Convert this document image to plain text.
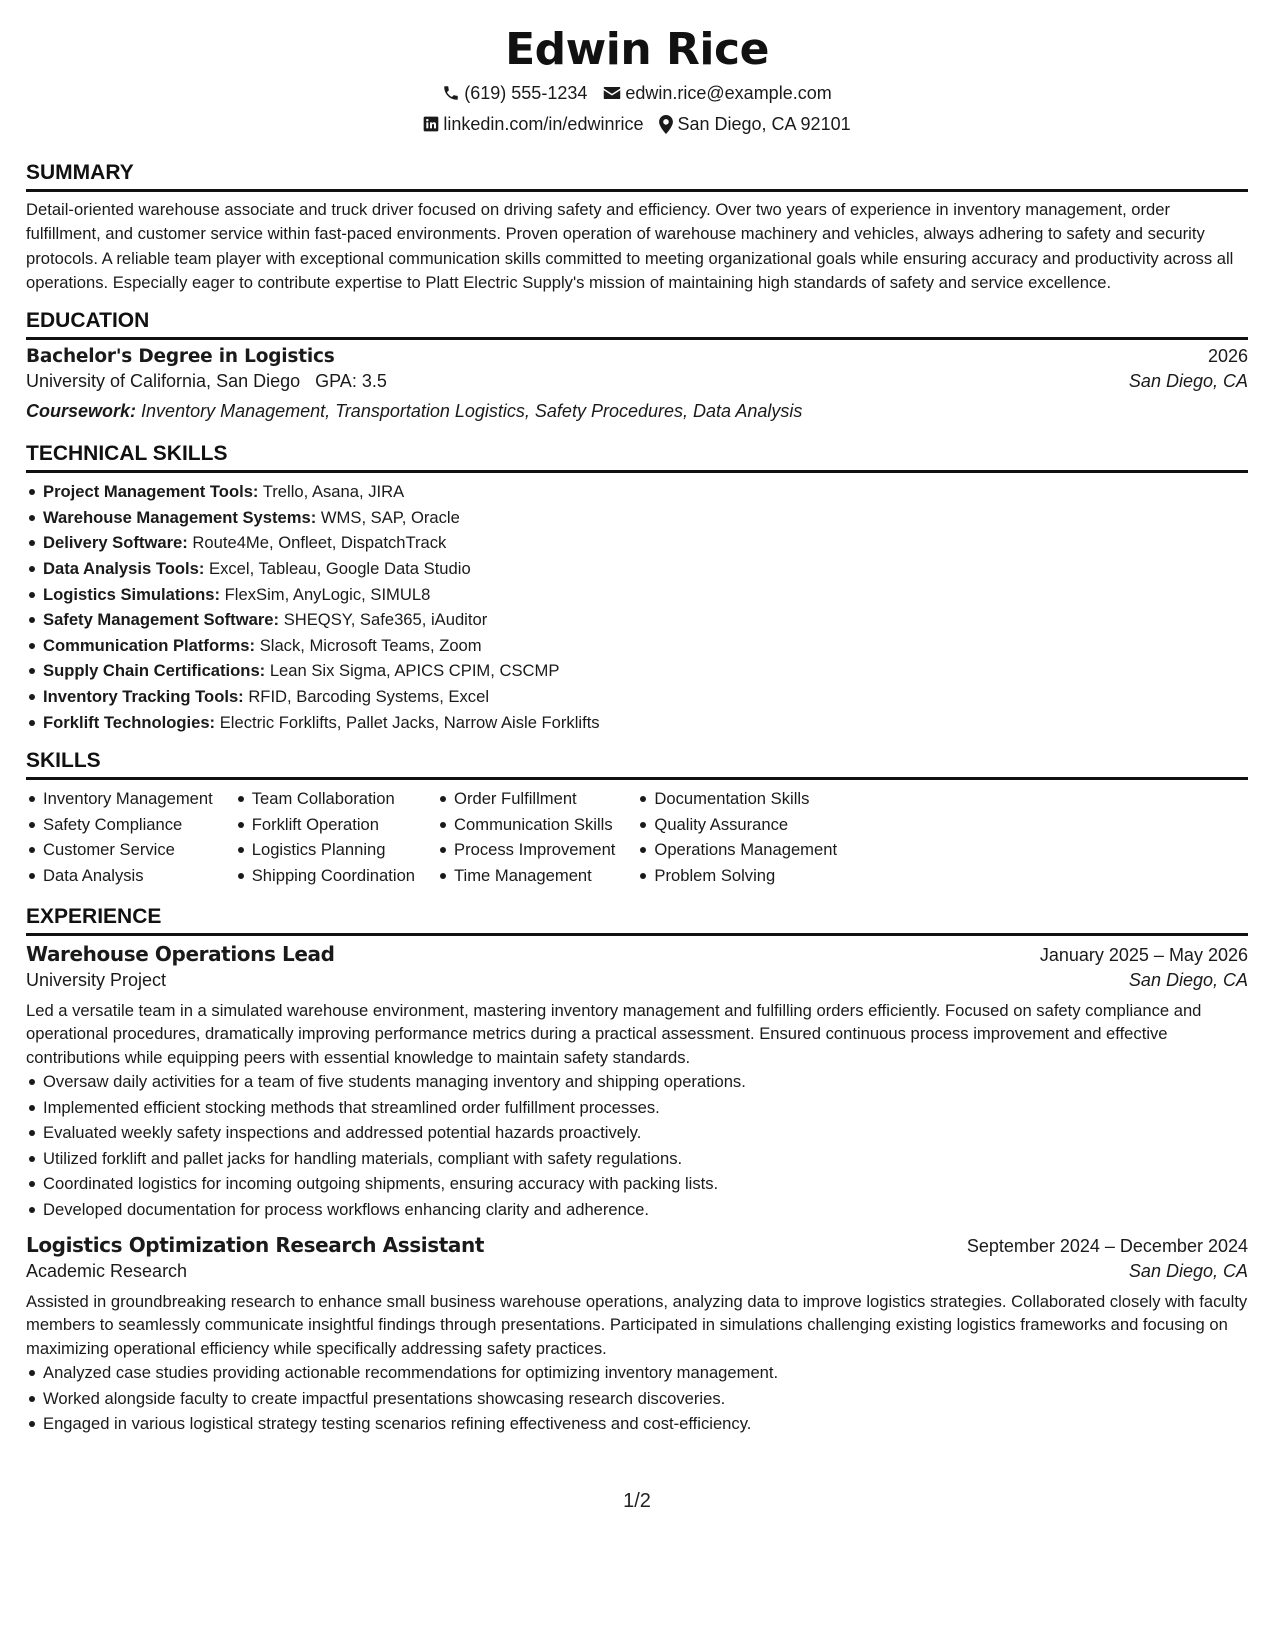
Edwin Rice
(619) 555-1234 edwin.rice@example.com
linkedin.com/in/edwinrice San Diego, CA 92101
SUMMARY

Detail-oriented warehouse associate and truck driver focused on driving safety and efficiency. Over two years of experience in inventory management, order fulfillment, and customer service within fast-paced environments. Proven operation of warehouse machinery and vehicles, always adhering to safety and security protocols. A reliable team player with exceptional communication skills committed to meeting organizational goals while ensuring accuracy and productivity across all operations. Especially eager to contribute expertise to Platt Electric Supply's mission of maintaining high standards of safety and service excellence.

EDUCATION
Bachelor's Degree in Logistics	2026
University of California, San Diego GPA: 3.5	San Diego, CA
Coursework: Inventory Management, Transportation Logistics, Safety Procedures, Data Analysis
TECHNICAL SKILLS
Project Management Tools: Trello, Asana, JIRA
Warehouse Management Systems: WMS, SAP, Oracle
Delivery Software: Route4Me, Onfleet, DispatchTrack
Data Analysis Tools: Excel, Tableau, Google Data Studio
Logistics Simulations: FlexSim, AnyLogic, SIMUL8
Safety Management Software: SHEQSY, Safe365, iAuditor
Communication Platforms: Slack, Microsoft Teams, Zoom
Supply Chain Certifications: Lean Six Sigma, APICS CPIM, CSCMP
Inventory Tracking Tools: RFID, Barcoding Systems, Excel
Forklift Technologies: Electric Forklifts, Pallet Jacks, Narrow Aisle Forklifts
SKILLS
Inventory Management
Safety Compliance
Customer Service
Data Analysis
Team Collaboration
Forklift Operation
Logistics Planning
Shipping Coordination
Order Fulfillment
Communication Skills
Process Improvement
Time Management
Documentation Skills
Quality Assurance
Operations Management
Problem Solving
EXPERIENCE
Warehouse Operations Lead	January 2025 – May 2026
University Project	San Diego, CA

Led a versatile team in a simulated warehouse environment, mastering inventory management and fulfilling orders efficiently. Focused on safety compliance and operational procedures, dramatically improving performance metrics during a practical assessment. Ensured continuous process improvement and effective contributions while equipping peers with essential knowledge to maintain safety standards.

Oversaw daily activities for a team of five students managing inventory and shipping operations.
Implemented efficient stocking methods that streamlined order fulfillment processes.
Evaluated weekly safety inspections and addressed potential hazards proactively.
Utilized forklift and pallet jacks for handling materials, compliant with safety regulations.
Coordinated logistics for incoming outgoing shipments, ensuring accuracy with packing lists.
Developed documentation for process workflows enhancing clarity and adherence.
Logistics Optimization Research Assistant	September 2024 – December 2024
Academic Research	San Diego, CA

Assisted in groundbreaking research to enhance small business warehouse operations, analyzing data to improve logistics strategies. Collaborated closely with faculty members to seamlessly communicate insightful findings through presentations. Participated in simulations challenging existing logistics frameworks and focusing on maximizing operational efficiency while specifically addressing safety practices.

Analyzed case studies providing actionable recommendations for optimizing inventory management.
Worked alongside faculty to create impactful presentations showcasing research discoveries.
Engaged in various logistical strategy testing scenarios refining effectiveness and cost-efficiency.
1/2
